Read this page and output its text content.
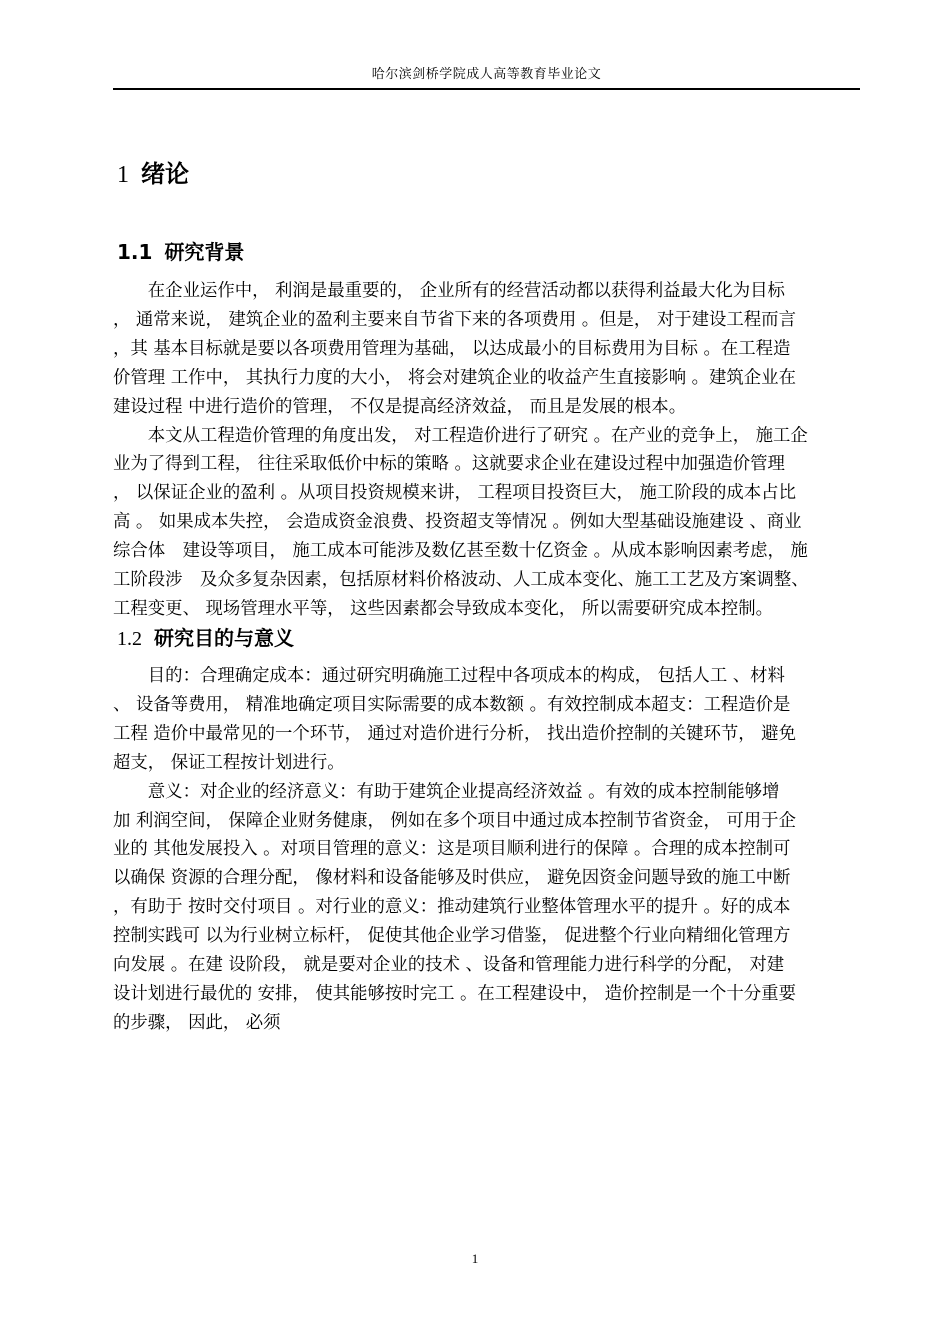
哈尔滨剑桥学院成人高等教育毕业论文
1 绪论
1.1 研究背景
　　在企业运作中， 利润是最重要的， 企业所有的经营活动都以获得利益最大化为目标
， 通常来说， 建筑企业的盈利主要来自节省下来的各项费用 。但是， 对于建设工程而言
，其 基本目标就是要以各项费用管理为基础， 以达成最小的目标费用为目标 。在工程造
价管理 工作中， 其执行力度的大小， 将会对建筑企业的收益产生直接影响 。建筑企业在
建设过程 中进行造价的管理， 不仅是提高经济效益， 而且是发展的根本。
　　本文从工程造价管理的角度出发， 对工程造价进行了研究 。在产业的竞争上， 施工企
业为了得到工程， 往往采取低价中标的策略 。这就要求企业在建设过程中加强造价管理
， 以保证企业的盈利 。从项目投资规模来讲， 工程项目投资巨大， 施工阶段的成本占比
高 。 如果成本失控， 会造成资金浪费、投资超支等情况 。例如大型基础设施建设 、商业
综合体　建设等项目， 施工成本可能涉及数亿甚至数十亿资金 。从成本影响因素考虑， 施
工阶段涉　及众多复杂因素，包括原材料价格波动、人工成本变化、施工工艺及方案调整、
工程变更、 现场管理水平等， 这些因素都会导致成本变化， 所以需要研究成本控制。
1.2 研究目的与意义
　　目的：合理确定成本：通过研究明确施工过程中各项成本的构成， 包括人工 、材料
、 设备等费用， 精准地确定项目实际需要的成本数额 。有效控制成本超支：工程造价是
工程 造价中最常见的一个环节， 通过对造价进行分析， 找出造价控制的关键环节， 避免
超支， 保证工程按计划进行。
　　意义：对企业的经济意义：有助于建筑企业提高经济效益 。有效的成本控制能够增
加 利润空间， 保障企业财务健康， 例如在多个项目中通过成本控制节省资金， 可用于企
业的 其他发展投入 。对项目管理的意义：这是项目顺利进行的保障 。合理的成本控制可
以确保 资源的合理分配， 像材料和设备能够及时供应， 避免因资金问题导致的施工中断
，有助于 按时交付项目 。对行业的意义：推动建筑行业整体管理水平的提升 。好的成本
控制实践可 以为行业树立标杆， 促使其他企业学习借鉴， 促进整个行业向精细化管理方
向发展 。在建 设阶段， 就是要对企业的技术 、设备和管理能力进行科学的分配， 对建
设计划进行最优的 安排， 使其能够按时完工 。在工程建设中， 造价控制是一个十分重要
的步骤， 因此， 必须
1
